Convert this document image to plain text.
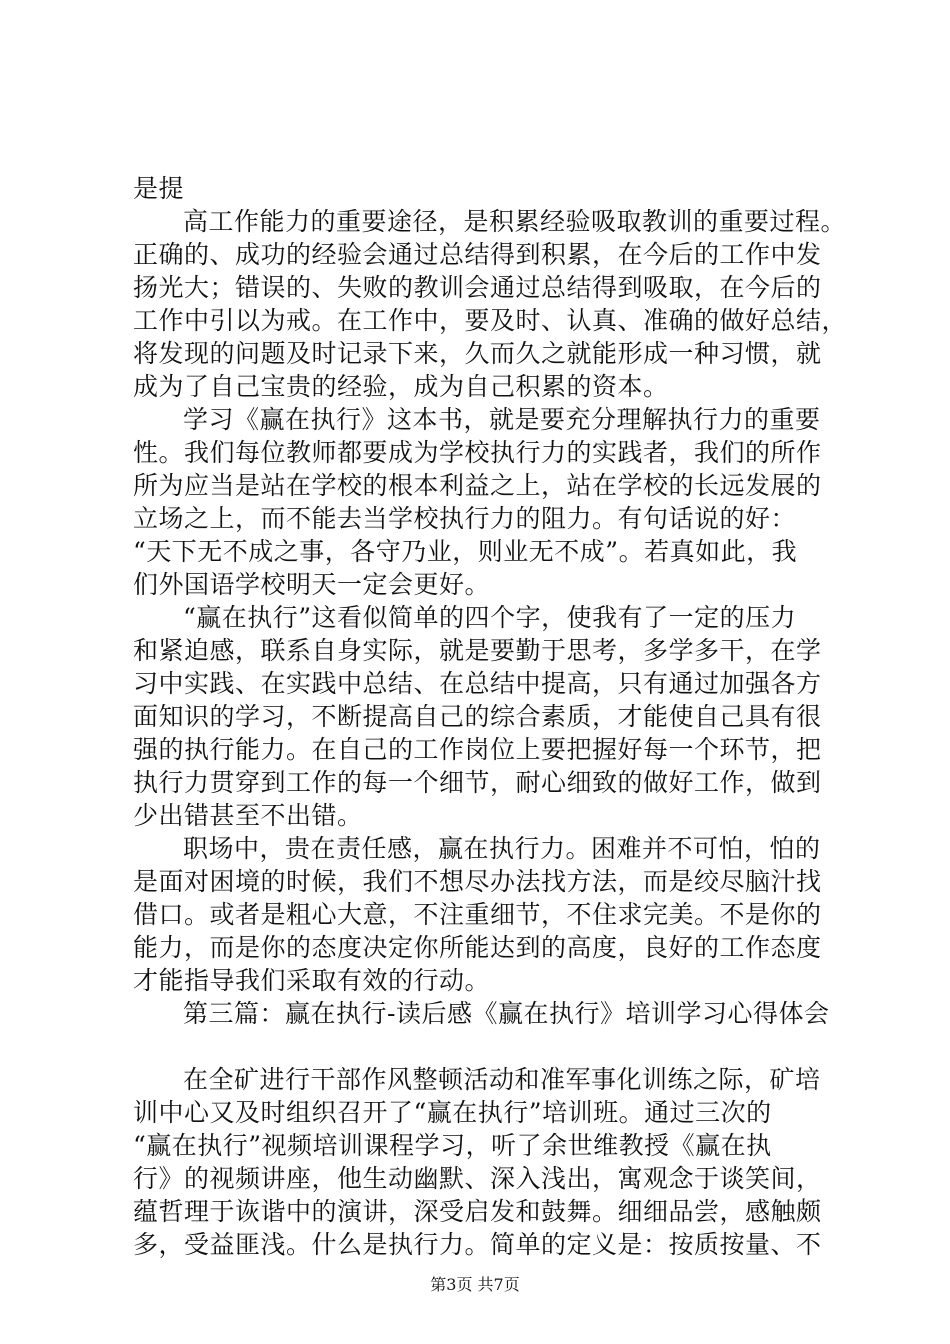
是提
高工作能力的重要途径，是积累经验吸取教训的重要过程。
正确的、成功的经验会通过总结得到积累，在今后的工作中发
扬光大；错误的、失败的教训会通过总结得到吸取，在今后的
工作中引以为戒。在工作中，要及时、认真、准确的做好总结，
将发现的问题及时记录下来，久而久之就能形成一种习惯，就
成为了自己宝贵的经验，成为自己积累的资本。
学习《赢在执行》这本书，就是要充分理解执行力的重要
性。我们每位教师都要成为学校执行力的实践者，我们的所作
所为应当是站在学校的根本利益之上，站在学校的长远发展的
立场之上，而不能去当学校执行力的阻力。有句话说的好：
“天下无不成之事，各守乃业，则业无不成”。若真如此，我
们外国语学校明天一定会更好。
“赢在执行”这看似简单的四个字，使我有了一定的压力
和紧迫感，联系自身实际，就是要勤于思考，多学多干，在学
习中实践、在实践中总结、在总结中提高，只有通过加强各方
面知识的学习，不断提高自己的综合素质，才能使自己具有很
强的执行能力。在自己的工作岗位上要把握好每一个环节，把
执行力贯穿到工作的每一个细节，耐心细致的做好工作，做到
少出错甚至不出错。
职场中，贵在责任感，赢在执行力。困难并不可怕，怕的
是面对困境的时候，我们不想尽办法找方法，而是绞尽脑汁找
借口。或者是粗心大意，不注重细节，不住求完美。不是你的
能力，而是你的态度决定你所能达到的高度，良好的工作态度
才能指导我们采取有效的行动。
第三篇：赢在执行-读后感《赢在执行》培训学习心得体会
在全矿进行干部作风整顿活动和准军事化训练之际，矿培
训中心又及时组织召开了“赢在执行”培训班。通过三次的
“赢在执行”视频培训课程学习，听了余世维教授《赢在执
行》的视频讲座，他生动幽默、深入浅出，寓观念于谈笑间，
蕴哲理于诙谐中的演讲，深受启发和鼓舞。细细品尝，感触颇
多，受益匪浅。什么是执行力。简单的定义是：按质按量、不
第3页 共7页
